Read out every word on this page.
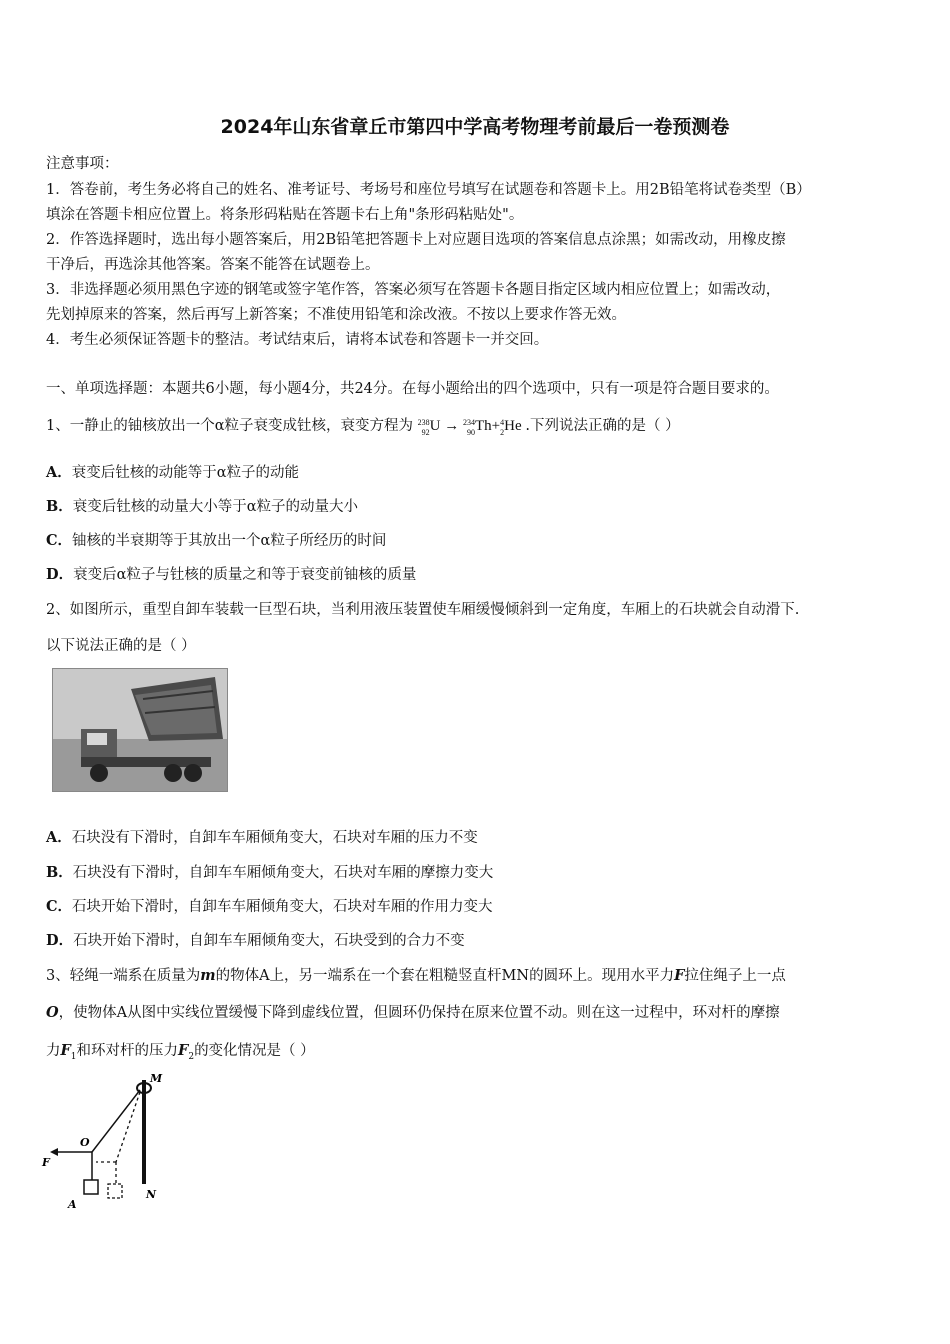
2024年山东省章丘市第四中学高考物理考前最后一卷预测卷
注意事项：
1．答卷前，考生务必将自己的姓名、准考证号、考场号和座位号填写在试题卷和答题卡上。用2B铅笔将试卷类型（B）
填涂在答题卡相应位置上。将条形码粘贴在答题卡右上角"条形码粘贴处"。
2．作答选择题时，选出每小题答案后，用2B铅笔把答题卡上对应题目选项的答案信息点涂黑；如需改动，用橡皮擦
干净后，再选涂其他答案。答案不能答在试题卷上。
3．非选择题必须用黑色字迹的钢笔或签字笔作答，答案必须写在答题卡各题目指定区域内相应位置上；如需改动，
先划掉原来的答案，然后再写上新答案；不准使用铅笔和涂改液。不按以上要求作答无效。
4．考生必须保证答题卡的整洁。考试结束后，请将本试卷和答题卡一并交回。
一、单项选择题：本题共6小题，每小题4分，共24分。在每小题给出的四个选项中，只有一项是符合题目要求的。
1、一静止的铀核放出一个α粒子衰变成钍核，衰变方程为 238
92U → 234
90Th+4
2He .下列说法正确的是（ ）
A．衰变后钍核的动能等于α粒子的动能
B．衰变后钍核的动量大小等于α粒子的动量大小
C．铀核的半衰期等于其放出一个α粒子所经历的时间
D．衰变后α粒子与钍核的质量之和等于衰变前铀核的质量
2、如图所示，重型自卸车装载一巨型石块，当利用液压装置使车厢缓慢倾斜到一定角度，车厢上的石块就会自动滑下.
以下说法正确的是（ ）
A．石块没有下滑时，自卸车车厢倾角变大，石块对车厢的压力不变
B．石块没有下滑时，自卸车车厢倾角变大，石块对车厢的摩擦力变大
C．石块开始下滑时，自卸车车厢倾角变大，石块对车厢的作用力变大
D．石块开始下滑时，自卸车车厢倾角变大，石块受到的合力不变
3、轻绳一端系在质量为m的物体A上，另一端系在一个套在粗糙竖直杆MN的圆环上。现用水平力F拉住绳子上一点
O，使物体A从图中实线位置缓慢下降到虚线位置，但圆环仍保持在原来位置不动。则在这一过程中，环对杆的摩擦
力$F_1$和环对杆的压力$F_2$的变化情况是（ ）
M
N
O
F
A
